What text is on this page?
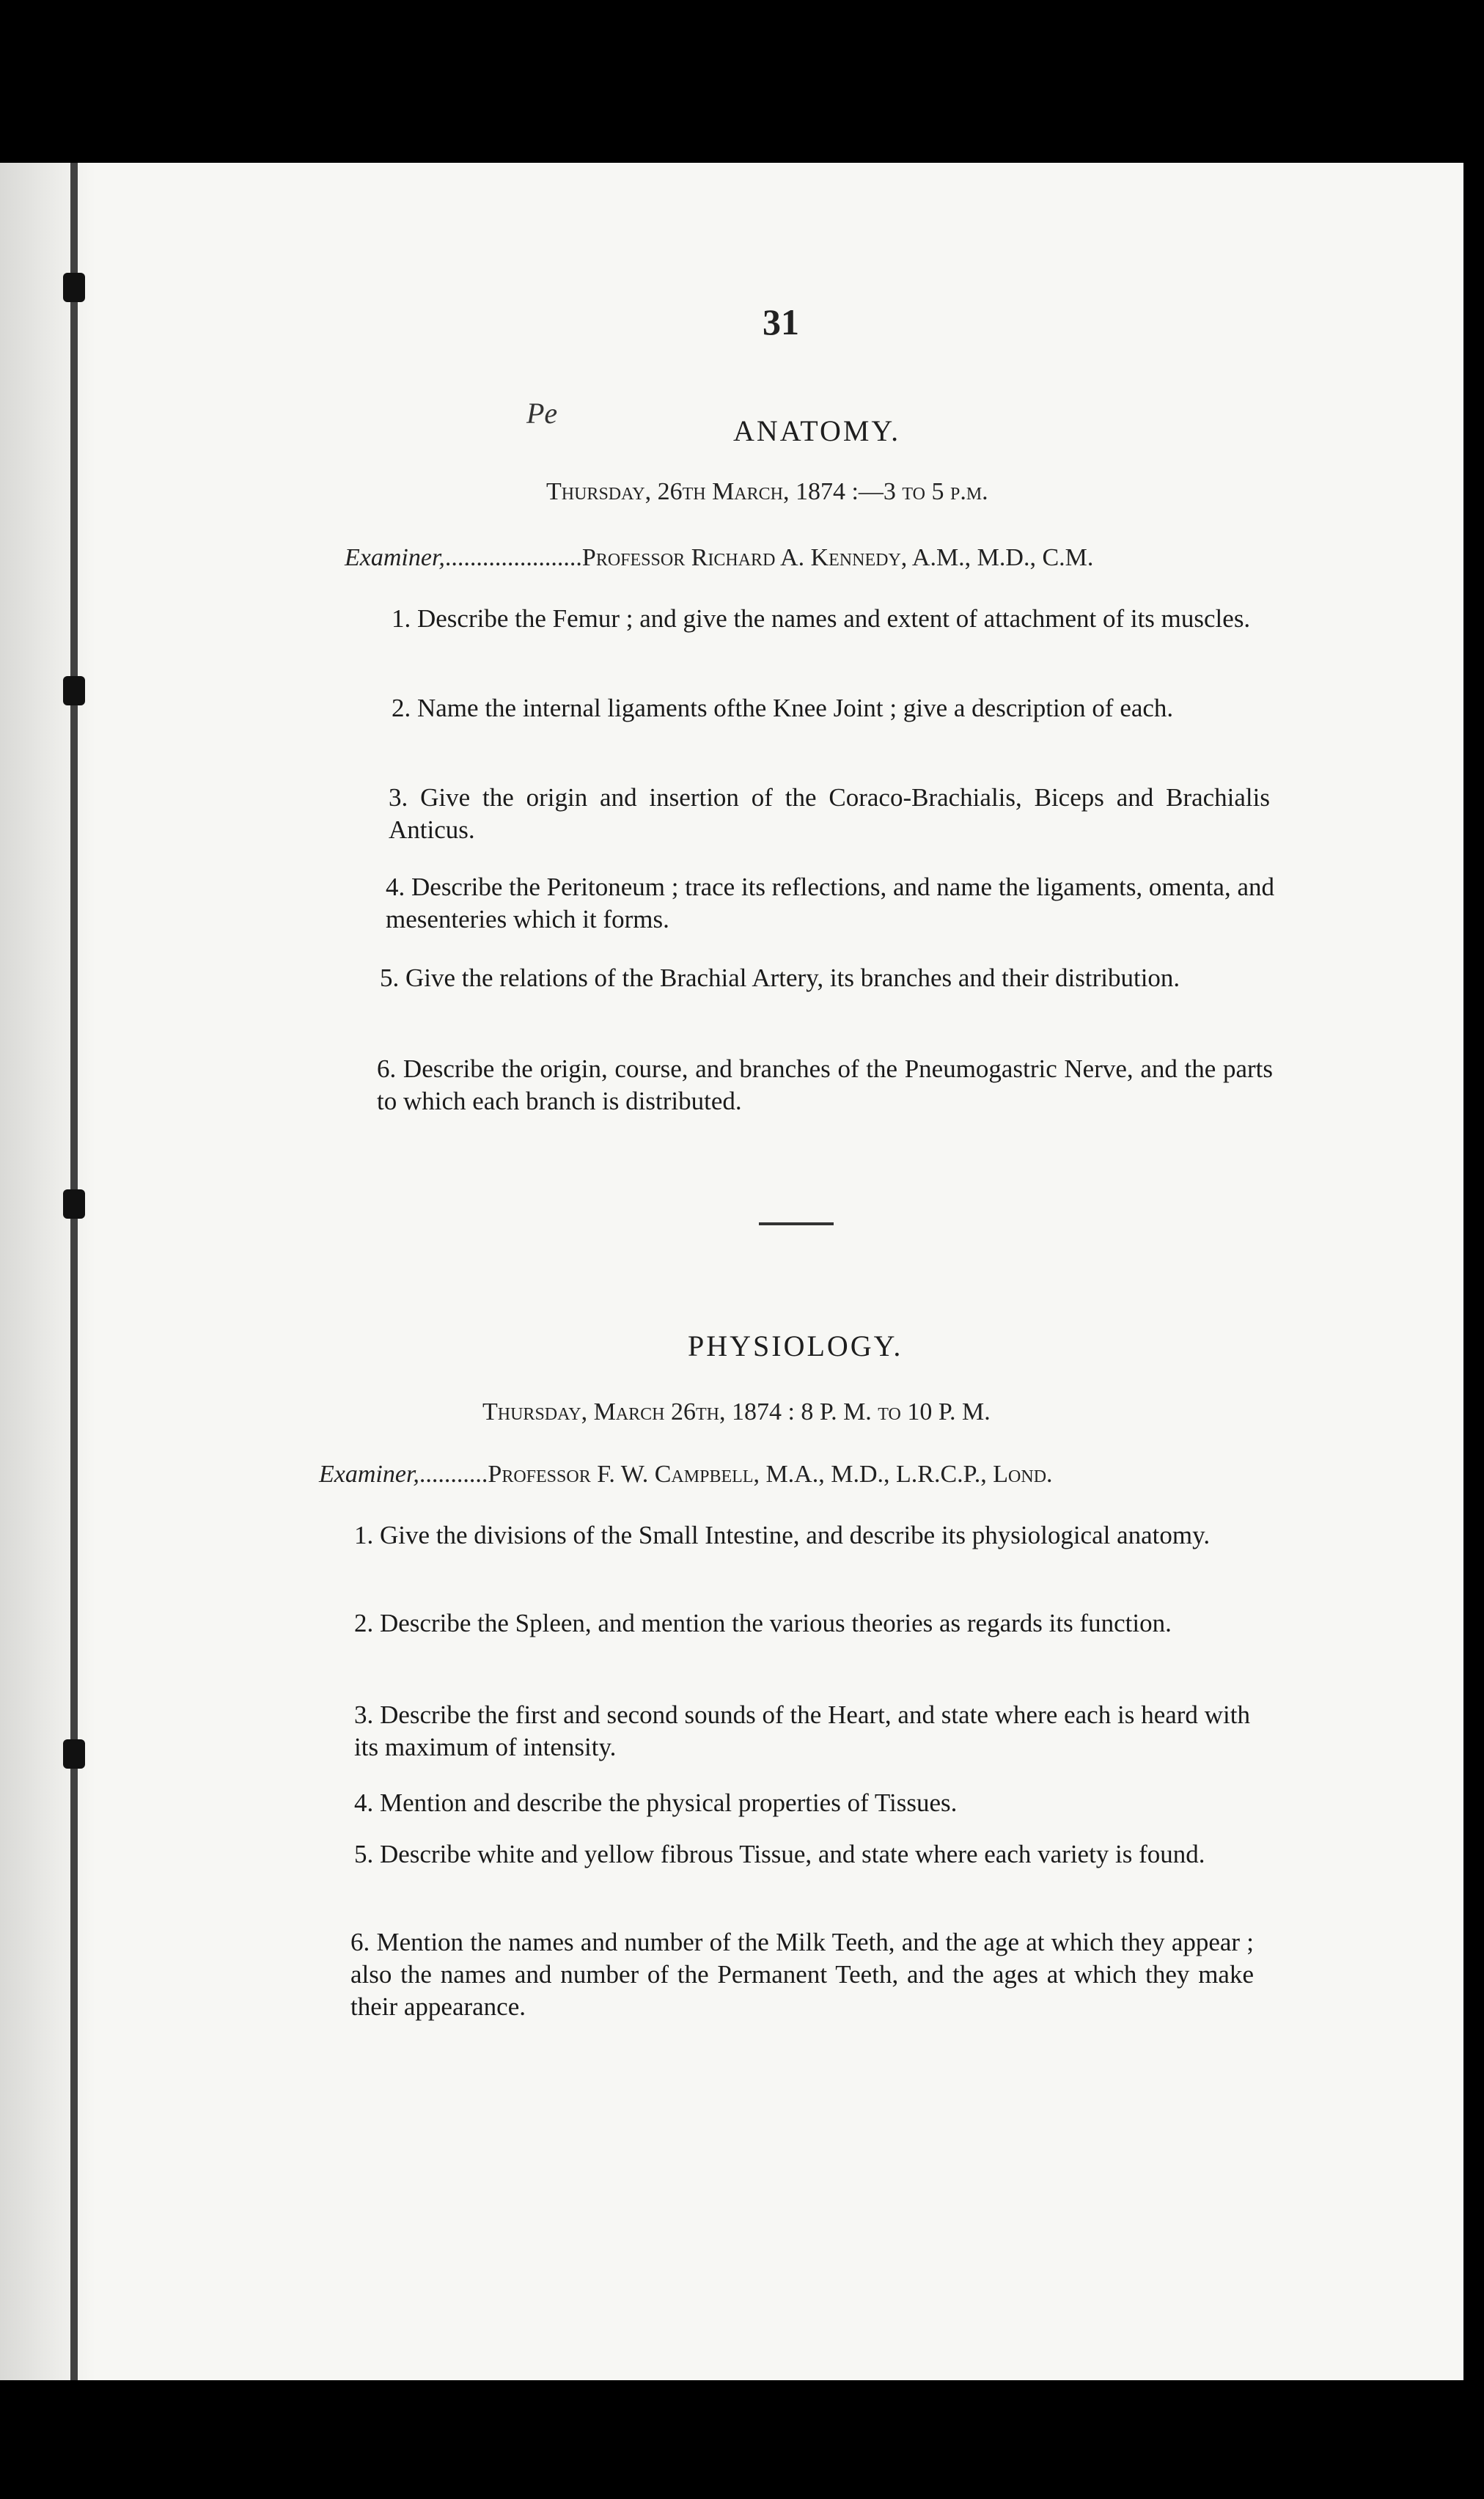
31
Pe
ANATOMY.
Thursday, 26th March, 1874 :—3 to 5 p.m.
Examiner,......................Professor Richard A. Kennedy, A.M., M.D., C.M.
1. Describe the Femur ; and give the names and extent of attachment of its muscles.
2. Name the internal ligaments ofthe Knee Joint ; give a description of each.
3. Give the origin and insertion of the Coraco-Brachialis, Biceps and Brachialis Anticus.
4. Describe the Peritoneum ; trace its reflections, and name the ligaments, omenta, and mesenteries which it forms.
5. Give the relations of the Brachial Artery, its branches and their distribution.
6. Describe the origin, course, and branches of the Pneumogastric Nerve, and the parts to which each branch is distributed.
PHYSIOLOGY.
Thursday, March 26th, 1874 : 8 P. M. to 10 P. M.
Examiner,...........Professor F. W. Campbell, M.A., M.D., L.R.C.P., Lond.
1. Give the divisions of the Small Intestine, and describe its physiological anatomy.
2. Describe the Spleen, and mention the various theories as regards its function.
3. Describe the first and second sounds of the Heart, and state where each is heard with its maximum of intensity.
4. Mention and describe the physical properties of Tissues.
5. Describe white and yellow fibrous Tissue, and state where each variety is found.
6. Mention the names and number of the Milk Teeth, and the age at which they appear ; also the names and number of the Permanent Teeth, and the ages at which they make their appearance.
